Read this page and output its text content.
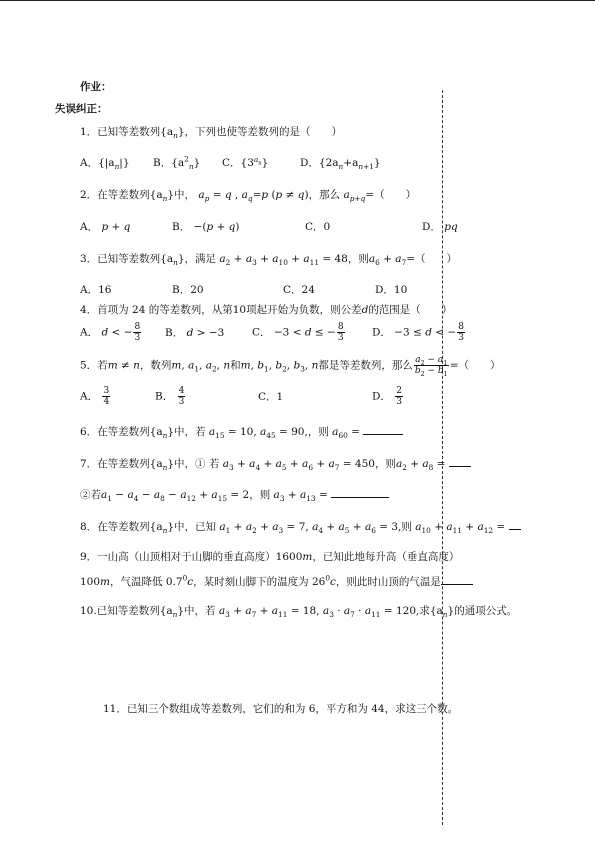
作业：
失误纠正：
1．已知等差数列$\{a_n\}$，下列也使等差数列的是（　　）
A．$\{|a_n|\}$ B．$\{a^2_n\}$ C．$\{3^{a_n}\}$	D．$\{2a_n+a_{n+1}\}$
2．在等差数列$\{a_n\}$中， $a_p = q$ , $a_q=p$ (p ≠ q)，那么 $a_{p+q}=$（　　）
A． p + q	B． −(p + q)	C．0	D． pq
3．已知等差数列$\{a_n\}$，满足 $a_2 + a_3 + a_{10} + a_{11} = 48$，则$a_6 + a_7=$（　　）
A．16	B．20	C．24	D．10
4．首项为 24 的等差数列，从第10项起开始为负数，则公差d的范围是（　　）
A． d < − $\frac{8}{3}$ B． d > −3	C． −3 < d ≤ − $\frac{8}{3}$	D． −3 ≤ d < − $\frac{8}{3}$
5．若m ≠ n，数列m, $a_1$, $a_2$, n和m, $b_1$, $b_2$, $b_3$, n都是等差数列，那么 $\frac{a_2 - a_1}{b_2 - b_1}$ =（　　）
A． $\frac{3}{4}$	B． $\frac{4}{3}$	C．1	D． $\frac{2}{3}$
6．在等差数列$\{a_n\}$中，若 $a_{15} = 10$, $a_{45} = 90$,，则 $a_{60}$ =
7．在等差数列$\{a_n\}$中，① 若 $a_3 + a_4 + a_5 + a_6 + a_7 = 450$，则$a_2 + a_8$ =
②若$a_1 - a_4 - a_8 - a_{12} + a_{15} = 2$，则 $a_3 + a_{13}$ =
8．在等差数列$\{a_n\}$中，已知 $a_1 + a_2 + a_3 = 7$, $a_4 + a_5 + a_6 = 3$,则 $a_{10} + a_{11} + a_{12}$ =
9．一山高（山顶相对于山脚的垂直高度）1600m，已知此地每升高（垂直高度）
100m，气温降低 $0.7^0c$，某时刻山脚下的温度为 $26^0c$，则此时山顶的气温是
10.已知等差数列$\{a_n\}$中，若 $a_3 + a_7 + a_{11} = 18$, $a_3 \cdot a_7 \cdot a_{11} = 120$,求$\{a_n\}$的通项公式。
11．已知三个数组成等差数列，它们的和为 6，平方和为 44，求这三个数。
